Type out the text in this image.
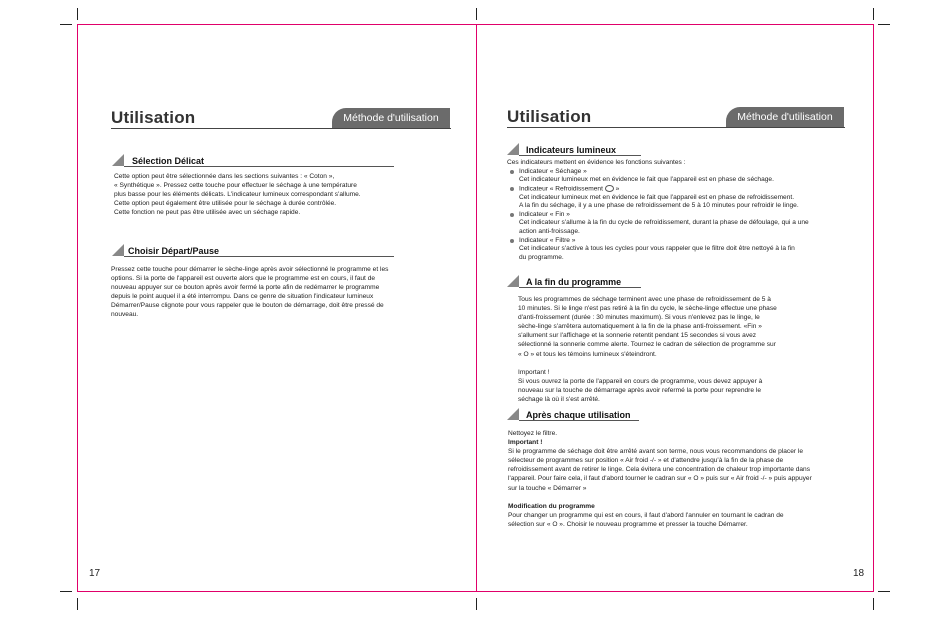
Utilisation	Méthode d'utilisation
Sélection Délicat

Cette option peut être sélectionnée dans les sections suivantes : « Coton »,

« Synthétique ». Pressez cette touche pour effectuer le séchage à une température

plus basse pour les éléments délicats. L'indicateur lumineux correspondant s'allume.

Cette option peut également être utilisée pour le séchage à durée contrôlée.

Cette fonction ne peut pas être utilisée avec un séchage rapide.

Choisir Départ/Pause

Pressez cette touche pour démarrer le sèche-linge après avoir sélectionné le programme et les

options. Si la porte de l'appareil est ouverte alors que le programme est en cours, il faut de

nouveau appuyer sur ce bouton après avoir fermé la porte afin de redémarrer le programme

depuis le point auquel il a été interrompu. Dans ce genre de situation l'indicateur lumineux

Démarrer/Pause clignote pour vous rappeler que le bouton de démarrage, doit être pressé de

nouveau.

17
Utilisation	Méthode d'utilisation
Indicateurs lumineux

Ces indicateurs mettent en évidence les fonctions suivantes :

Indicateur « Séchage »

Cet indicateur lumineux met en évidence le fait que l'appareil est en phase de séchage.

Indicateur « Refroidissement »

Cet indicateur lumineux met en évidence le fait que l'appareil est en phase de refroidissement.

A la fin du séchage, il y a une phase de refroidissement de 5 à 10 minutes pour refroidir le linge.

Indicateur « Fin »

Cet indicateur s'allume à la fin du cycle de refroidissement, durant la phase de défoulage, qui a une

action anti-froissage.

Indicateur « Filtre »

Cet indicateur s'active à tous les cycles pour vous rappeler que le filtre doit être nettoyé à la fin

du programme.

A la fin du programme

Tous les programmes de séchage terminent avec une phase de refroidissement de 5 à

10 minutes. Si le linge n'est pas retiré à la fin du cycle, le sèche-linge effectue une phase

d'anti-froissement (durée : 30 minutes maximum). Si vous n'enlevez pas le linge, le

sèche-linge s'arrêtera automatiquement à la fin de la phase anti-froissement. «Fin »

s'allument sur l'affichage et la sonnerie retentit pendant 15 secondes si vous avez

sélectionné la sonnerie comme alerte. Tournez le cadran de sélection de programme sur

« O » et tous les témoins lumineux s'éteindront.

Important !

Si vous ouvrez la porte de l'appareil en cours de programme, vous devez appuyer à

nouveau sur la touche de démarrage après avoir refermé la porte pour reprendre le

séchage là où il s'est arrêté.

Après chaque utilisation

Nettoyez le filtre.

Important !

Si le programme de séchage doit être arrêté avant son terme, nous vous recommandons de placer le

sélecteur de programmes sur position « Air froid -/- » et d'attendre jusqu'à la fin de la phase de

refroidissement avant de retirer le linge. Cela évitera une concentration de chaleur trop importante dans

l'appareil. Pour faire cela, il faut d'abord tourner le cadran sur « O » puis sur « Air froid -/- » puis appuyer

sur la touche « Démarrer »

Modification du programme

Pour changer un programme qui est en cours, il faut d'abord l'annuler en tournant le cadran de

sélection sur « O ». Choisir le nouveau programme et presser la touche Démarrer.

18
